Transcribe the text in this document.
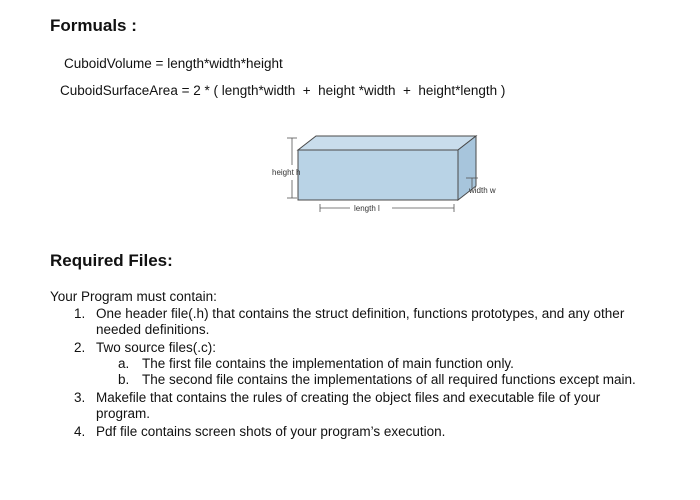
Formuals :
CuboidVolume = length*width*height
CuboidSurfaceArea = 2 * ( length*width  +  height *width  +  height*length )
height h
width w
length l
Required Files:

Your Program must contain:

1. One header file(.h) that contains the struct definition, functions prototypes, and any other needed definitions.
2. Two source files(.c):
a. The first file contains the implementation of main function only.
b. The second file contains the implementations of all required functions except main.
3. Makefile that contains the rules of creating the object files and executable file of your program.
4. Pdf file contains screen shots of your program’s execution.
